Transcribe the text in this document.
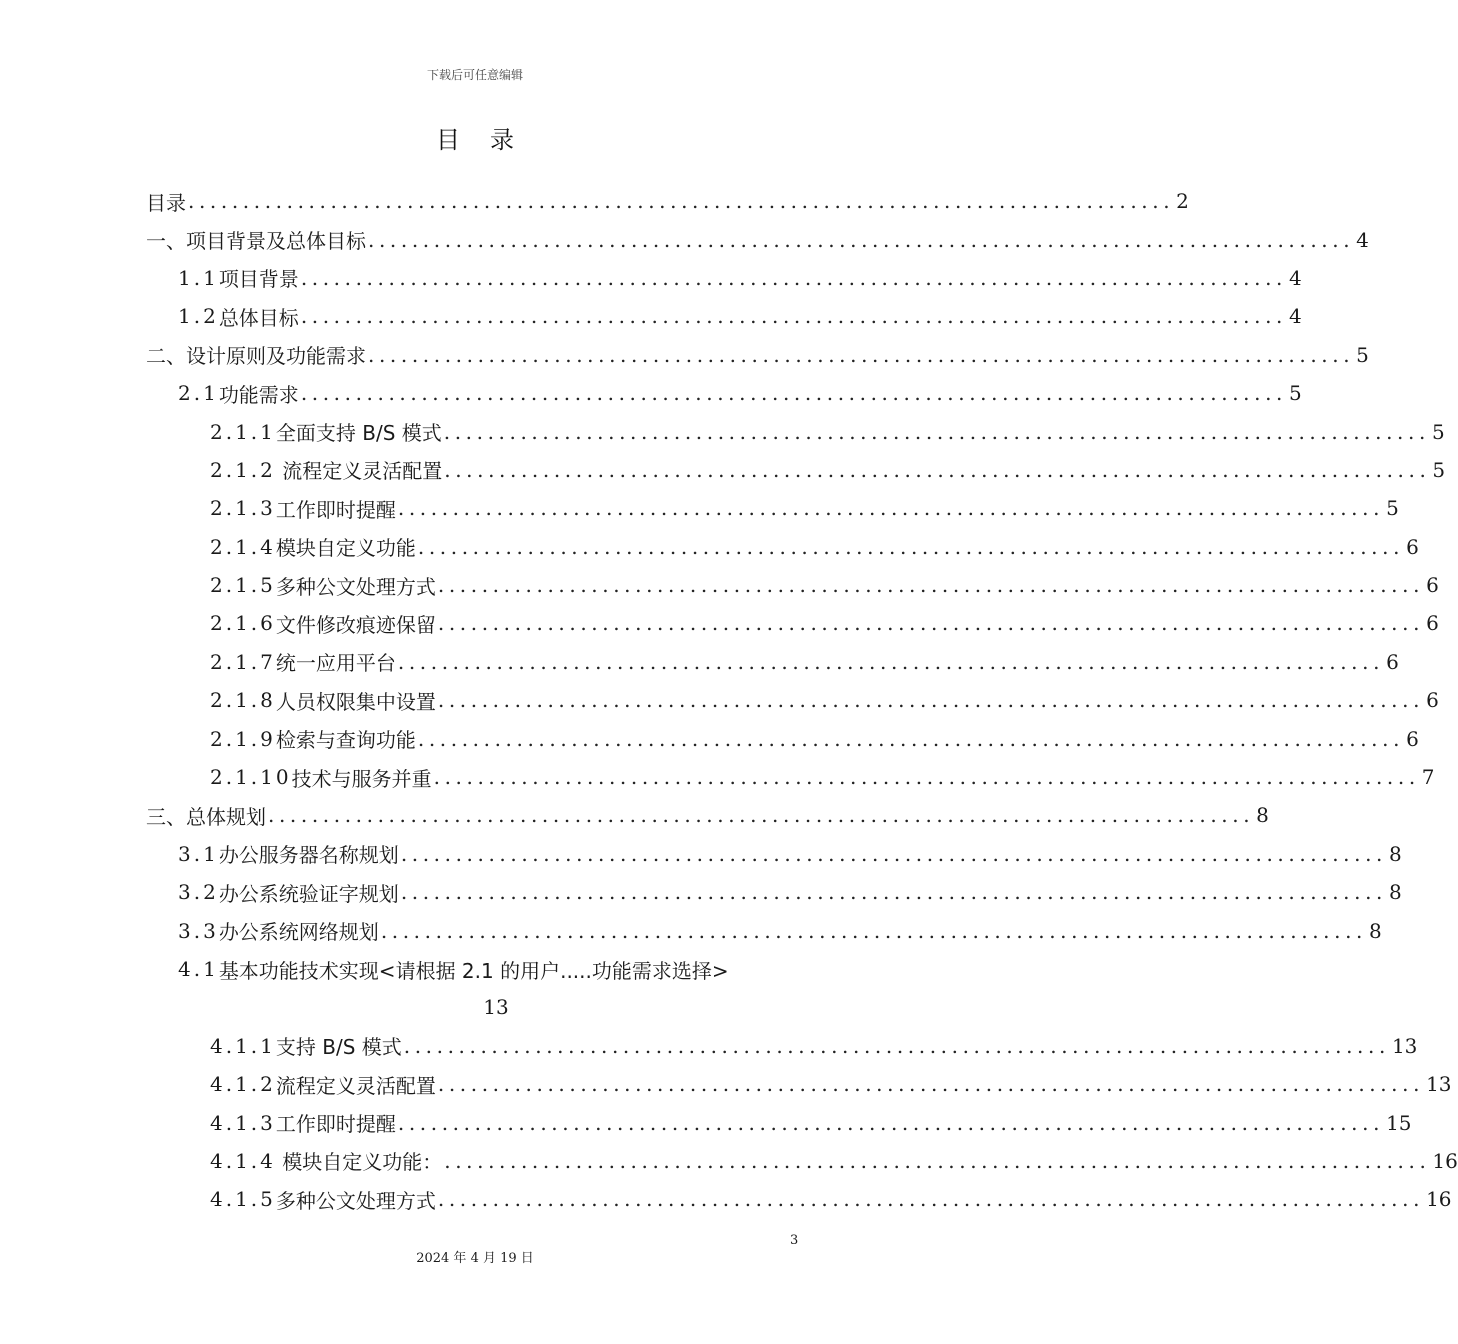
下载后可任意编辑
目录
目 录 .......................................................................................... 2
一、 项目背景及总体目标 .......................................................................................... 4
1.1 项目背景 .......................................................................................... 4
1.2 总体目标 .......................................................................................... 4
二、 设计原则及功能需求 .......................................................................................... 5
2.1 功能需求 .......................................................................................... 5
2.1.1 全面支持 B/S 模式 .......................................................................................... 5
2.1.2 流程定义灵活配置 .......................................................................................... 5
2.1.3 工作即时提醒 .......................................................................................... 5
2.1.4 模块自定义功能 .......................................................................................... 6
2.1.5 多种公文处理方式 .......................................................................................... 6
2.1.6 文件修改痕迹保留 .......................................................................................... 6
2.1.7 统一应用平台 .......................................................................................... 6
2.1.8 人员权限集中设置 .......................................................................................... 6
2.1.9 检索与查询功能 .......................................................................................... 6
2.1.10 技术与服务并重 .......................................................................................... 7
三、 总体规划 .......................................................................................... 8
3.1 办公服务器名称规划 .......................................................................................... 8
3.2 办公系统验证字规划 .......................................................................................... 8
3.3 办公系统网络规划 .......................................................................................... 8
4.1 基本功能技术实现<请根据 2.1 的用户.....功能需求选择>
13
4.1.1 支持 B/S 模式 .......................................................................................... 13
4.1.2 流程定义灵活配置 .......................................................................................... 13
4.1.3 工作即时提醒 .......................................................................................... 15
4.1.4 模块自定义功能： .......................................................................................... 16
4.1.5 多种公文处理方式 .......................................................................................... 16
3
2024 年 4 月 19 日
